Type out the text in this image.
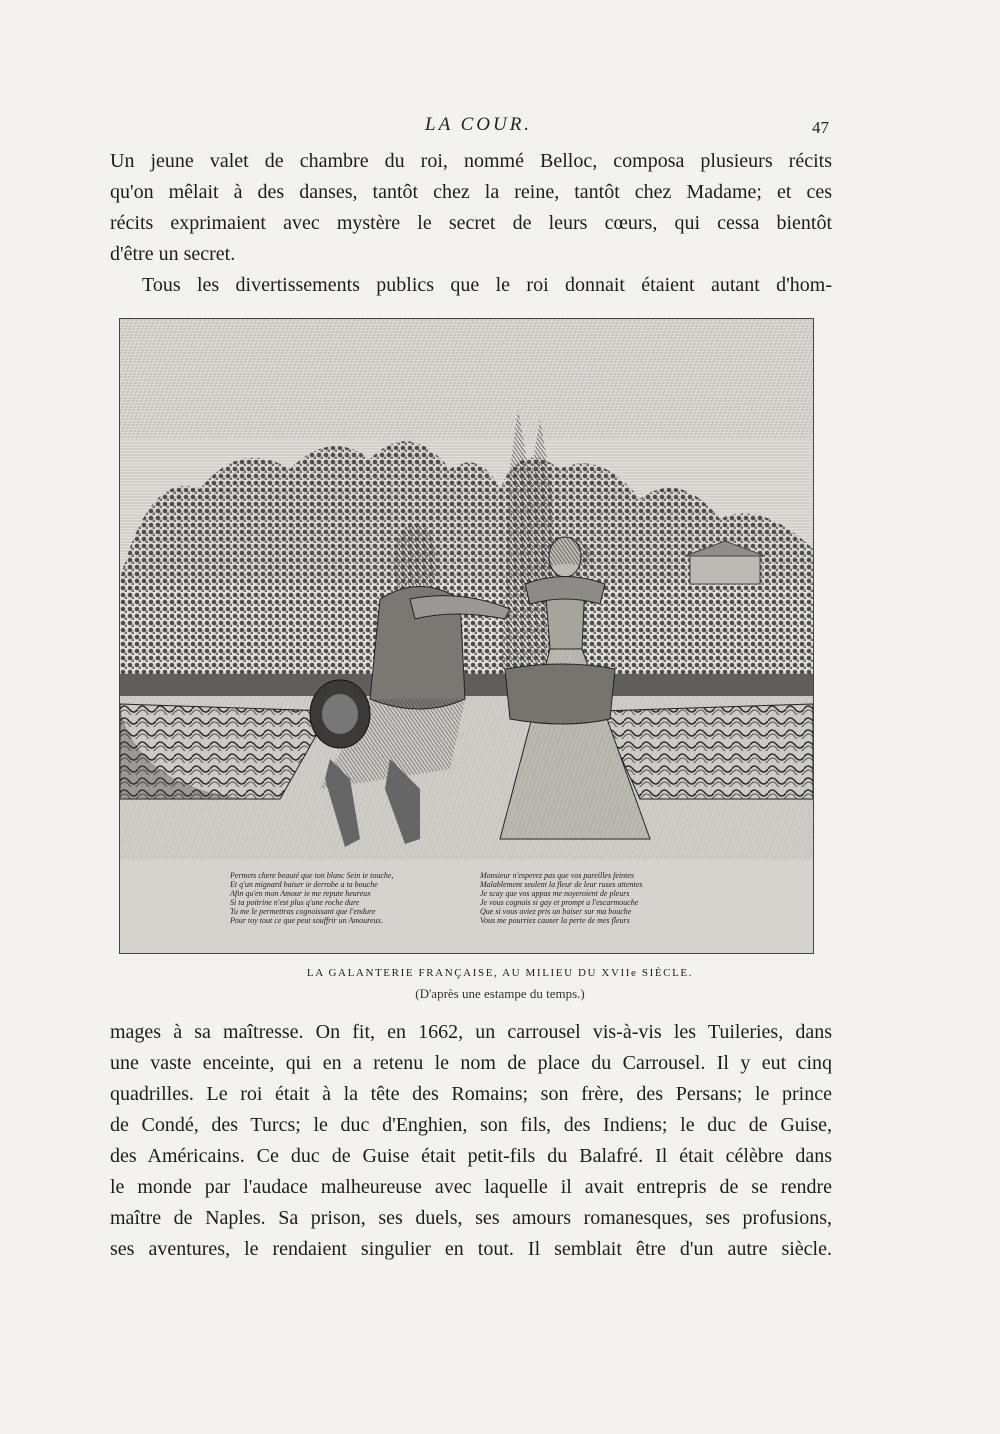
LA COUR.	47

Un jeune valet de chambre du roi, nommé Belloc, composa plusieurs récits
qu'on mêlait à des danses, tantôt chez la reine, tantôt chez Madame; et ces
récits exprimaient avec mystère le secret de leurs cœurs, qui cessa bientôt
d'être un secret.

Tous les divertissements publics que le roi donnait étaient autant d'hom-

Permets chere beauté que ton blanc Sein ie touche,
Et q'un mignard baiser ie derrobe a ta bouche
Afin qu'en mon Amour ie me repute heureux
Si ta poitrine n'est plus q'une roche dure
Tu me le permettras cognoissant que l'endure
Pour toy tout ce que peut souffrir un Amoureux.
Monsieur n'esperez pas que vos pareilles feintes
Malablement seulent la fleur de leur ruses attentes
Je scay que vos appas me noyeroient de pleurs
Je vous cognois si gay et prompt a l'escarmouche
Que si vous aviez pris un baiser sur ma bouche
Vous me pourriez causer la perte de mes fleurs
LA GALANTERIE FRANÇAISE, AU MILIEU DU XVIIe SIÈCLE.
(D'après une estampe du temps.)

mages à sa maîtresse. On fit, en 1662, un carrousel vis-à-vis les Tuileries, dans
une vaste enceinte, qui en a retenu le nom de place du Carrousel. Il y eut cinq
quadrilles. Le roi était à la tête des Romains; son frère, des Persans; le prince
de Condé, des Turcs; le duc d'Enghien, son fils, des Indiens; le duc de Guise,
des Américains. Ce duc de Guise était petit-fils du Balafré. Il était célèbre dans
le monde par l'audace malheureuse avec laquelle il avait entrepris de se rendre
maître de Naples. Sa prison, ses duels, ses amours romanesques, ses profusions,
ses aventures, le rendaient singulier en tout. Il semblait être d'un autre siècle.
